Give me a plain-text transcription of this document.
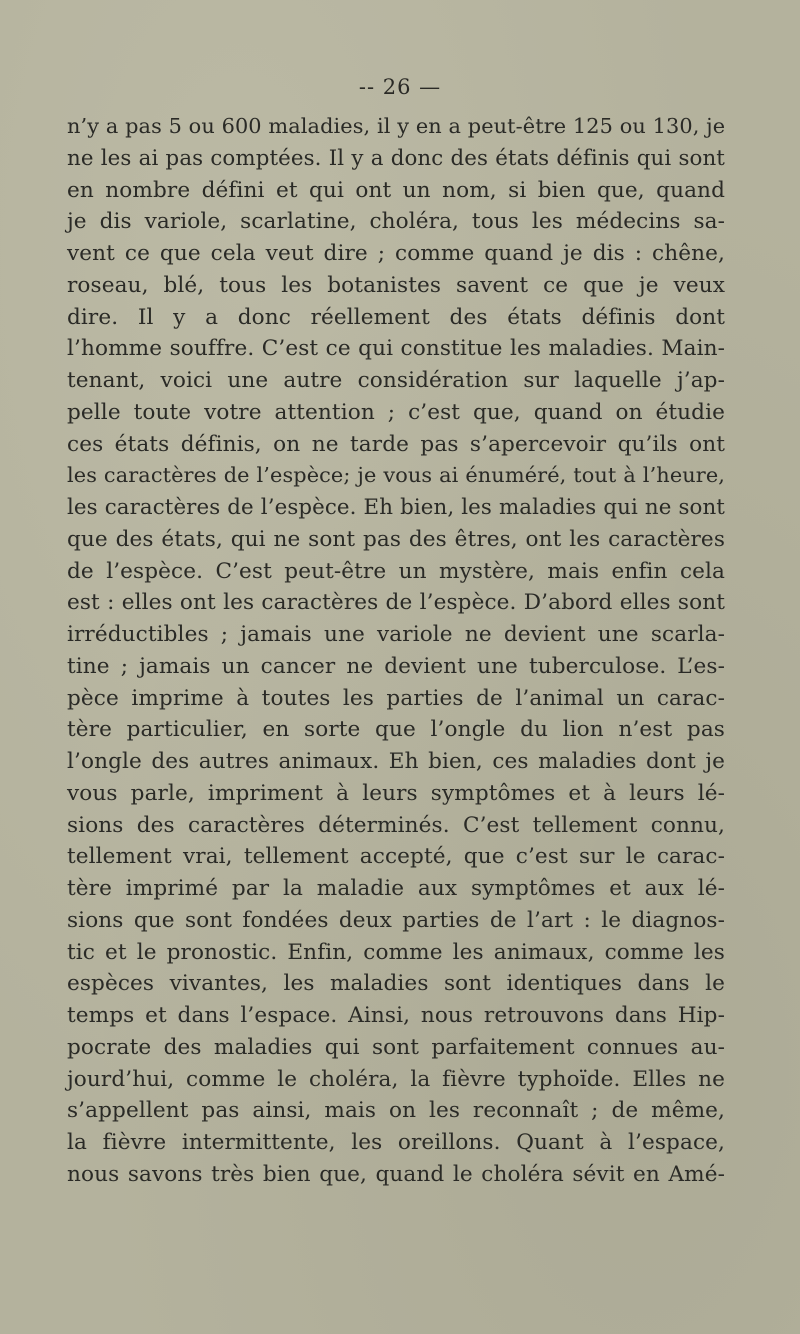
-- 26 —
n’y a pas 5 ou 600 maladies, il y en a peut-être 125 ou 130, je
ne les ai pas comptées. Il y a donc des états définis qui sont
en nombre défini et qui ont un nom, si bien que, quand
je dis variole, scarlatine, choléra, tous les médecins sa-
vent ce que cela veut dire ; comme quand je dis : chêne,
roseau, blé, tous les botanistes savent ce que je veux
dire. Il y a donc réellement des états définis dont
l’homme souffre. C’est ce qui constitue les maladies. Main-
tenant, voici une autre considération sur laquelle j’ap-
pelle toute votre attention ; c’est que, quand on étudie
ces états définis, on ne tarde pas s’apercevoir qu’ils ont
les caractères de l’espèce; je vous ai énuméré, tout à l’heure,
les caractères de l’espèce. Eh bien, les maladies qui ne sont
que des états, qui ne sont pas des êtres, ont les caractères
de l’espèce. C’est peut-être un mystère, mais enfin cela
est : elles ont les caractères de l’espèce. D’abord elles sont
irréductibles ; jamais une variole ne devient une scarla-
tine ; jamais un cancer ne devient une tuberculose. L’es-
pèce imprime à toutes les parties de l’animal un carac-
tère particulier, en sorte que l’ongle du lion n’est pas
l’ongle des autres animaux. Eh bien, ces maladies dont je
vous parle, impriment à leurs symptômes et à leurs lé-
sions des caractères déterminés. C’est tellement connu,
tellement vrai, tellement accepté, que c’est sur le carac-
tère imprimé par la maladie aux symptômes et aux lé-
sions que sont fondées deux parties de l’art : le diagnos-
tic et le pronostic. Enfin, comme les animaux, comme les
espèces vivantes, les maladies sont identiques dans le
temps et dans l’espace. Ainsi, nous retrouvons dans Hip-
pocrate des maladies qui sont parfaitement connues au-
jourd’hui, comme le choléra, la fièvre typhoïde. Elles ne
s’appellent pas ainsi, mais on les reconnaît ; de même,
la fièvre intermittente, les oreillons. Quant à l’espace,
nous savons très bien que, quand le choléra sévit en Amé-
